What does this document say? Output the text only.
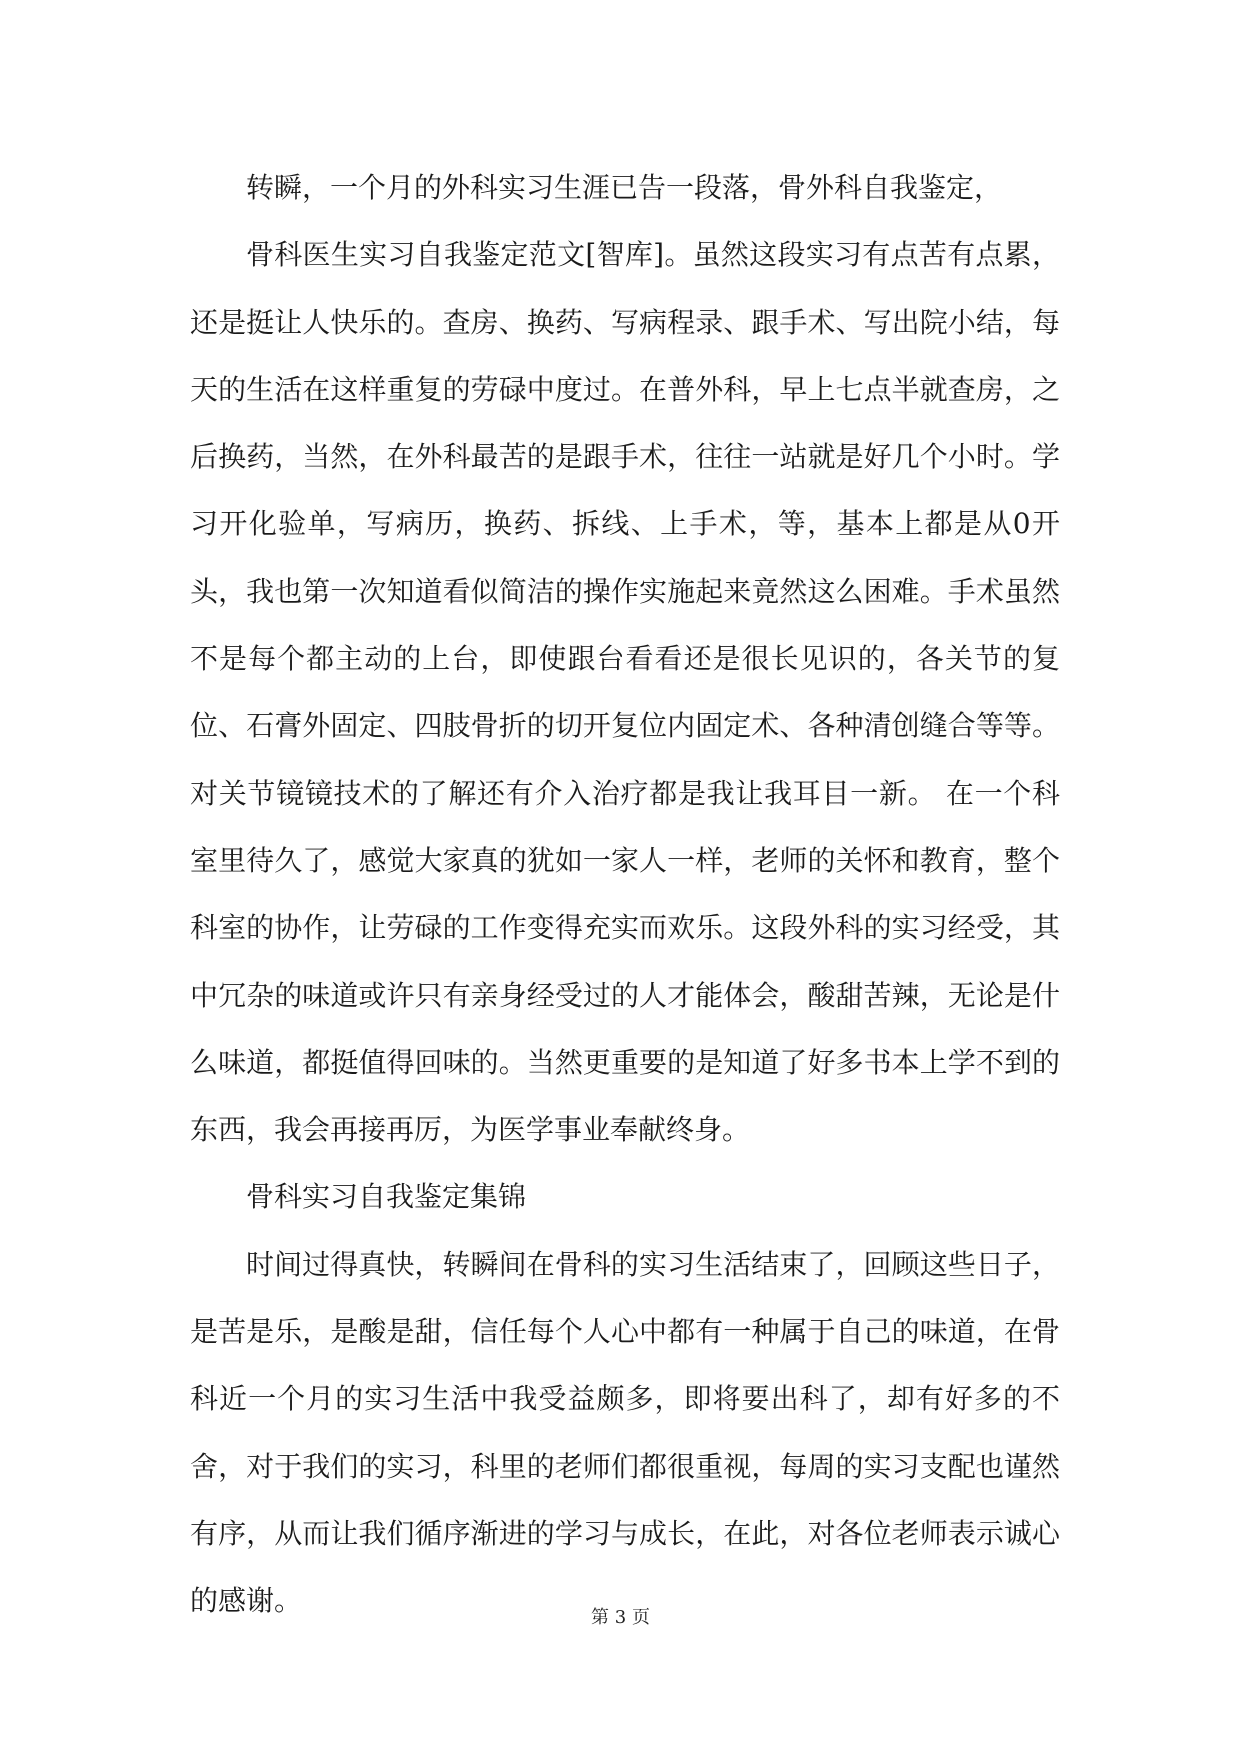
转瞬，一个月的外科实习生涯已告一段落，骨外科自我鉴定，

骨科医生实习自我鉴定范文[智库]。虽然这段实习有点苦有点累，还是挺让人快乐的。查房、换药、写病程录、跟手术、写出院小结，每天的生活在这样重复的劳碌中度过。在普外科，早上七点半就查房，之后换药，当然，在外科最苦的是跟手术，往往一站就是好几个小时。学习开化验单，写病历，换药、拆线、上手术，等，基本上都是从0开头，我也第一次知道看似简洁的操作实施起来竟然这么困难。手术虽然不是每个都主动的上台，即使跟台看看还是很长见识的，各关节的复位、石膏外固定、四肢骨折的切开复位内固定术、各种清创缝合等等。对关节镜镜技术的了解还有介入治疗都是我让我耳目一新。 在一个科室里待久了，感觉大家真的犹如一家人一样，老师的关怀和教育，整个科室的协作，让劳碌的工作变得充实而欢乐。这段外科的实习经受，其中冗杂的味道或许只有亲身经受过的人才能体会，酸甜苦辣，无论是什么味道，都挺值得回味的。当然更重要的是知道了好多书本上学不到的东西，我会再接再厉，为医学事业奉献终身。

骨科实习自我鉴定集锦

时间过得真快，转瞬间在骨科的实习生活结束了，回顾这些日子，是苦是乐，是酸是甜，信任每个人心中都有一种属于自己的味道，在骨科近一个月的实习生活中我受益颇多，即将要出科了，却有好多的不舍，对于我们的实习，科里的老师们都很重视，每周的实习支配也谨然有序，从而让我们循序渐进的学习与成长，在此，对各位老师表示诚心的感谢。

第 3 页
